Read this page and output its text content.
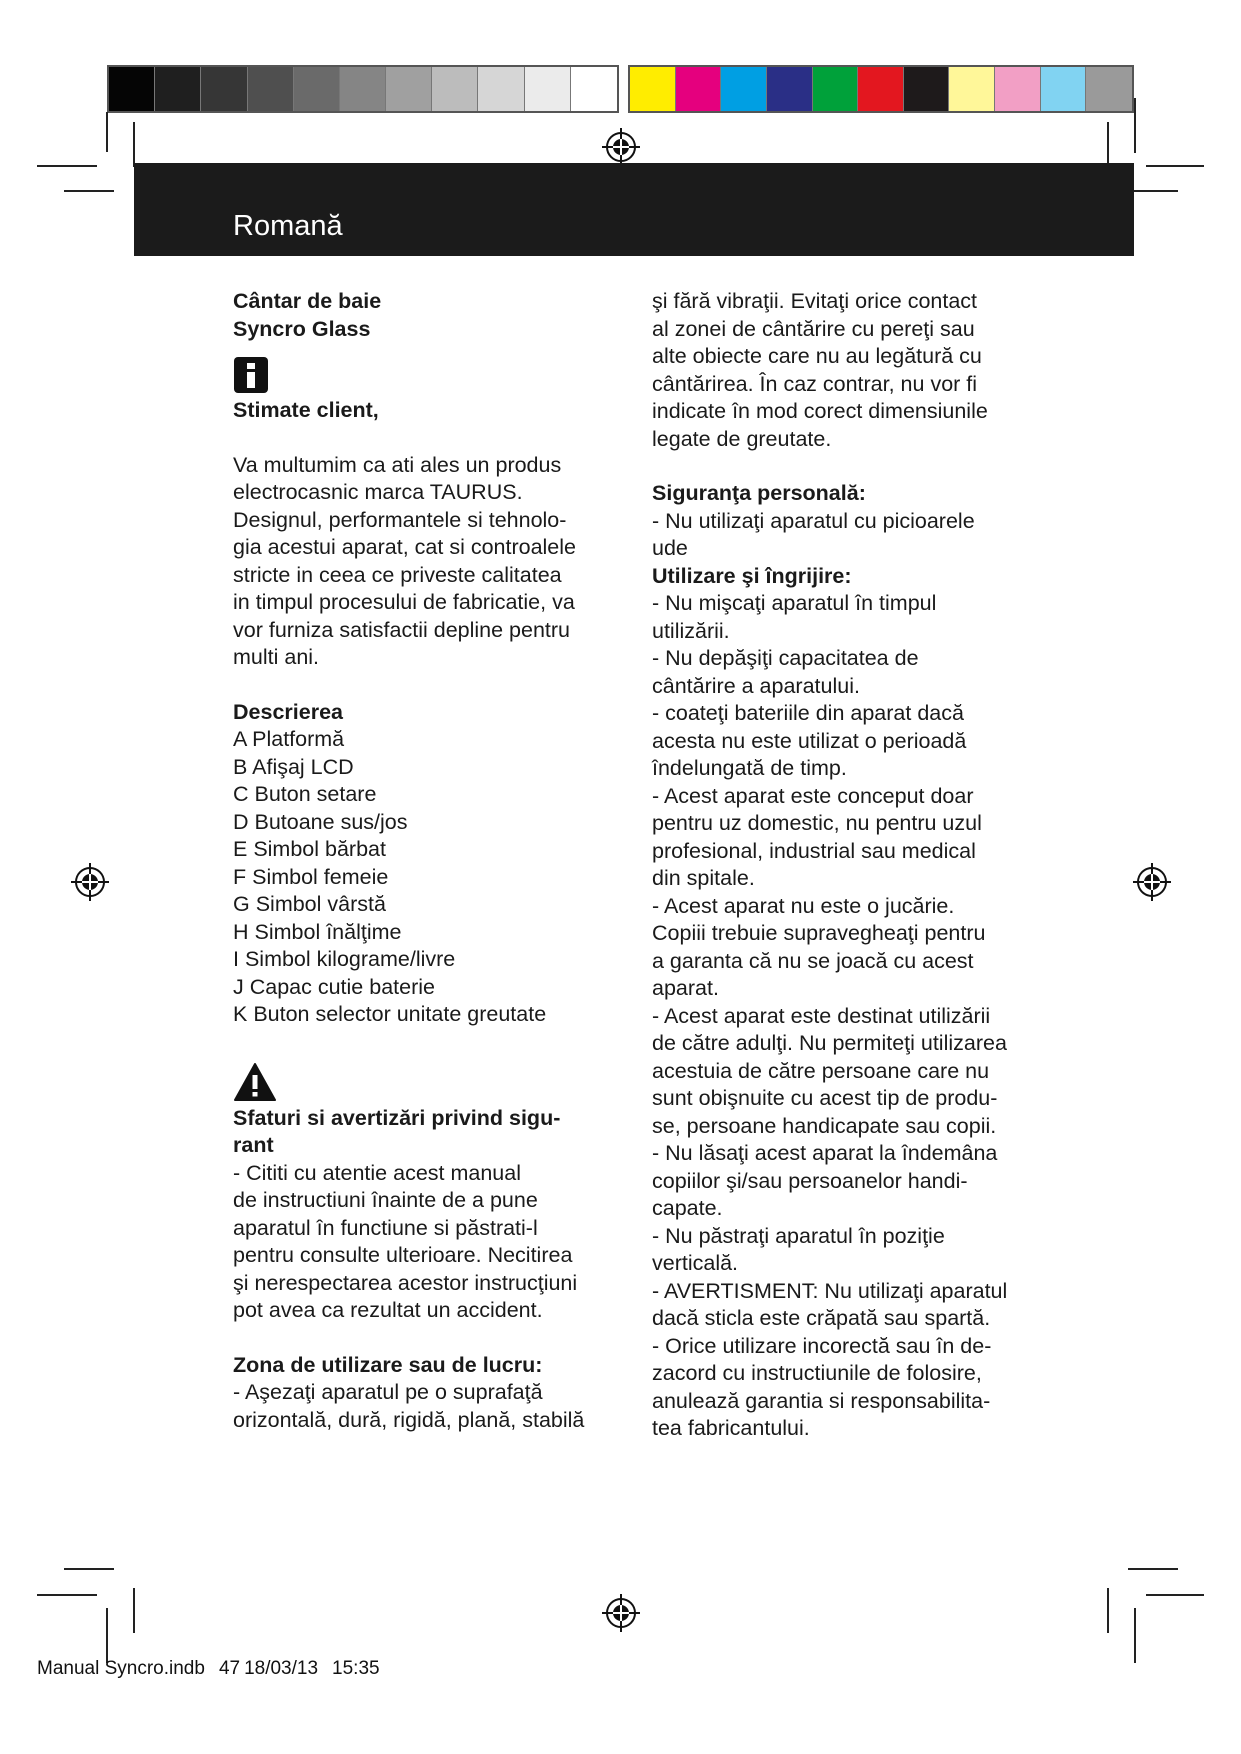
Romană
Cântar de baie
Syncro Glass
Stimate client,
Va multumim ca ati ales un produs
electrocasnic marca TAURUS.
Designul, performantele si tehnolo-
gia acestui aparat, cat si controalele
stricte in ceea ce priveste calitatea
in timpul procesului de fabricatie, va
vor furniza satisfactii depline pentru
multi ani.
Descrierea
A Platformă
B Afişaj LCD
C Buton setare
D Butoane sus/jos
E Simbol bărbat
F Simbol femeie
G Simbol vârstă
H Simbol înălţime
I Simbol kilograme/livre
J Capac cutie baterie
K Buton selector unitate greutate
Sfaturi si avertizări privind sigu-
rant
- Cititi cu atentie acest manual
de instructiuni înainte de a pune
aparatul în functiune si păstrati-l
pentru consulte ulterioare. Necitirea
şi nerespectarea acestor instrucţiuni
pot avea ca rezultat un accident.
Zona de utilizare sau de lucru:
- Aşezaţi aparatul pe o suprafaţă
orizontală, dură, rigidă, plană, stabilă
şi fără vibraţii. Evitaţi orice contact
al zonei de cântărire cu pereţi sau
alte obiecte care nu au legătură cu
cântărirea. În caz contrar, nu vor fi
indicate în mod corect dimensiunile
legate de greutate.
Siguranţa personală:
- Nu utilizaţi aparatul cu picioarele
ude
Utilizare şi îngrijire:
- Nu mişcaţi aparatul în timpul
utilizării.
- Nu depăşiţi capacitatea de
cântărire a aparatului.
- coateţi bateriile din aparat dacă
acesta nu este utilizat o perioadă
îndelungată de timp.
- Acest aparat este conceput doar
pentru uz domestic, nu pentru uzul
profesional, industrial sau medical
din spitale.
- Acest aparat nu este o jucărie.
Copiii trebuie supravegheaţi pentru
a garanta că nu se joacă cu acest
aparat.
- Acest aparat este destinat utilizării
de către adulţi. Nu permiteţi utilizarea
acestuia de către persoane care nu
sunt obişnuite cu acest tip de produ-
se, persoane handicapate sau copii.
- Nu lăsaţi acest aparat la îndemâna
copiilor şi/sau persoanelor handi-
capate.
- Nu păstraţi aparatul în poziţie
verticală.
- AVERTISMENT: Nu utilizaţi aparatul
dacă sticla este crăpată sau spartă.
- Orice utilizare incorectă sau în de-
zacord cu instructiunile de folosire,
anulează garantia si responsabilita-
tea fabricantului.
Manual Syncro.indb 47 18/03/13 15:35
